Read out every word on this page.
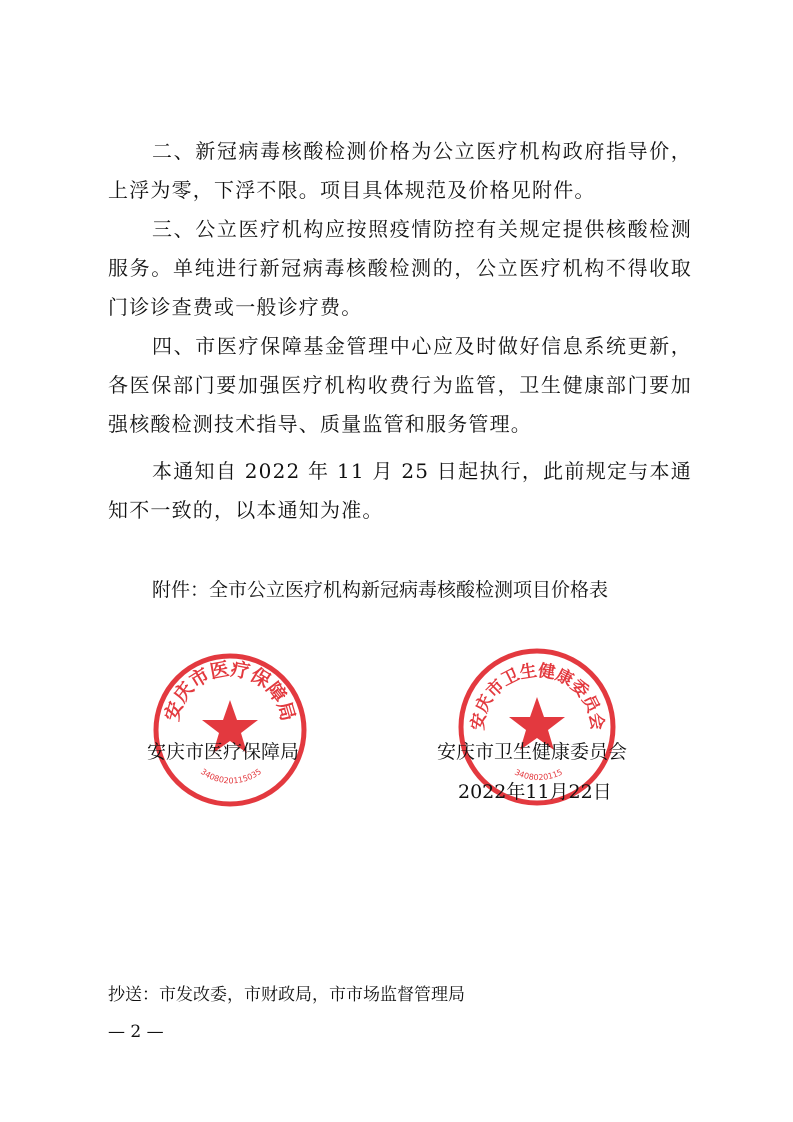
二、新冠病毒核酸检测价格为公立医疗机构政府指导价，上浮为零，下浮不限。项目具体规范及价格见附件。

三、公立医疗机构应按照疫情防控有关规定提供核酸检测服务。单纯进行新冠病毒核酸检测的，公立医疗机构不得收取门诊诊查费或一般诊疗费。

四、市医疗保障基金管理中心应及时做好信息系统更新，各医保部门要加强医疗机构收费行为监管，卫生健康部门要加强核酸检测技术指导、质量监管和服务管理。

本通知自 2022 年 11 月 25 日起执行，此前规定与本通知不一致的，以本通知为准。

附件：全市公立医疗机构新冠病毒核酸检测项目价格表
安庆市医疗保障局
3408020115035
安庆市卫生健康委员会
3408020115
安庆市医疗保障局	安庆市卫生健康委员会
2022年11月22日
抄送：市发改委，市财政局，市市场监督管理局
— 2 —
